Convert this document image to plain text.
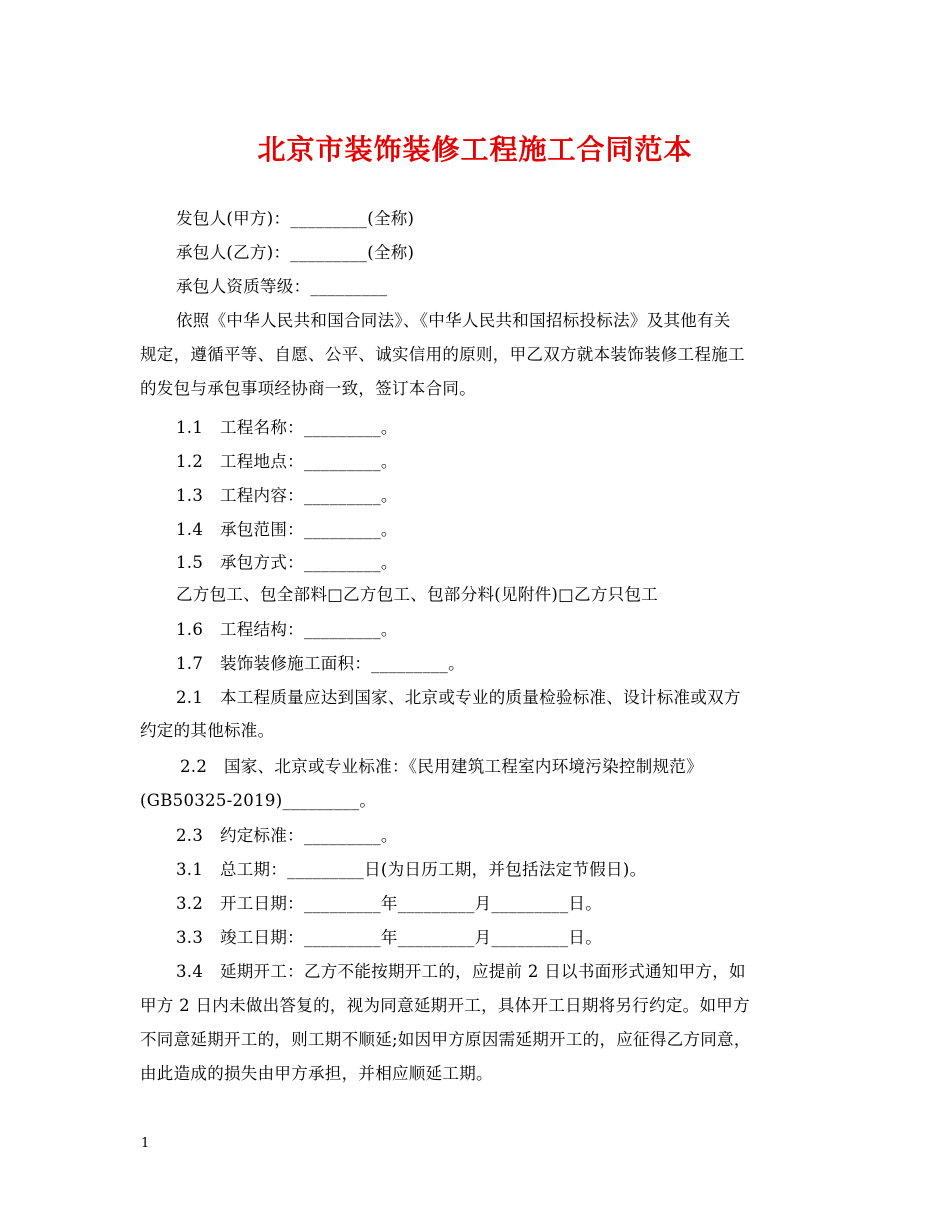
北京市装饰装修工程施工合同范本
发包人(甲方)：_________(全称)
承包人(乙方)：_________(全称)
承包人资质等级：_________
依照《中华人民共和国合同法》、《中华人民共和国招标投标法》及其他有关
规定，遵循平等、自愿、公平、诚实信用的原则，甲乙双方就本装饰装修工程施工
的发包与承包事项经协商一致，签订本合同。
1.1　工程名称：_________。
1.2　工程地点：_________。
1.3　工程内容：_________。
1.4　承包范围：_________。
1.5　承包方式：_________。
乙方包工、包全部料□乙方包工、包部分料(见附件)□乙方只包工
1.6　工程结构：_________。
1.7　装饰装修施工面积：_________。
2.1　本工程质量应达到国家、北京或专业的质量检验标准、设计标准或双方
约定的其他标准。
2.2　国家、北京或专业标准：《民用建筑工程室内环境污染控制规范》
(GB50325-2019)_________。
2.3　约定标准：_________。
3.1　总工期：_________日(为日历工期，并包括法定节假日)。
3.2　开工日期：_________年_________月_________日。
3.3　竣工日期：_________年_________月_________日。
3.4　延期开工：乙方不能按期开工的，应提前 2 日以书面形式通知甲方，如
甲方 2 日内未做出答复的，视为同意延期开工，具体开工日期将另行约定。如甲方
不同意延期开工的，则工期不顺延;如因甲方原因需延期开工的，应征得乙方同意，
由此造成的损失由甲方承担，并相应顺延工期。
1
